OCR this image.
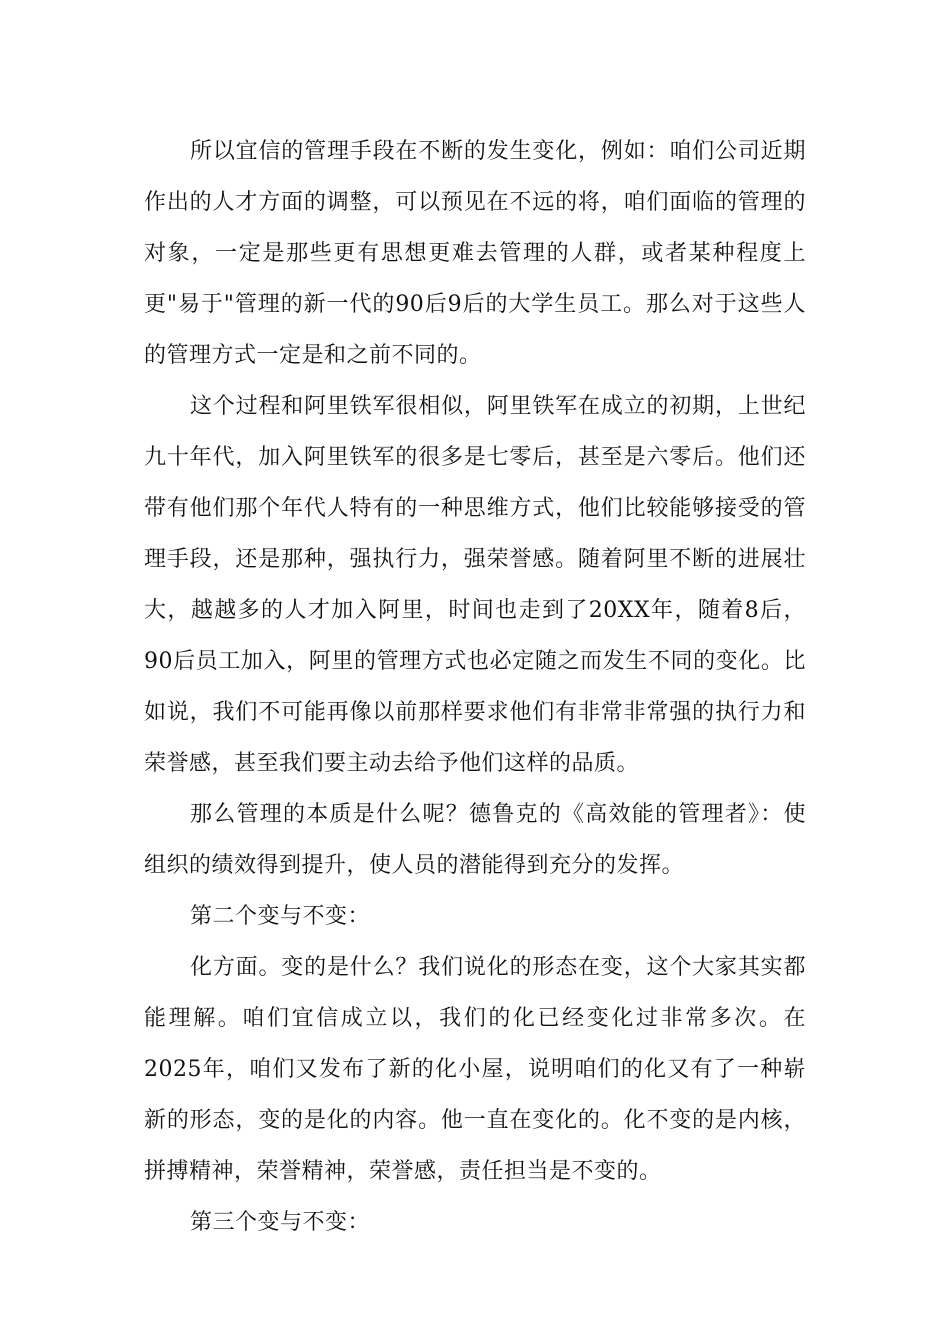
所以宜信的管理手段在不断的发生变化，例如：咱们公司近期作出的人才方面的调整，可以预见在不远的将，咱们面临的管理的对象，一定是那些更有思想更难去管理的人群，或者某种程度上更"易于"管理的新一代的90后9后的大学生员工。那么对于这些人的管理方式一定是和之前不同的。

这个过程和阿里铁军很相似，阿里铁军在成立的初期，上世纪九十年代，加入阿里铁军的很多是七零后，甚至是六零后。他们还带有他们那个年代人特有的一种思维方式，他们比较能够接受的管理手段，还是那种，强执行力，强荣誉感。随着阿里不断的进展壮大，越越多的人才加入阿里，时间也走到了20XX年，随着8后，90后员工加入，阿里的管理方式也必定随之而发生不同的变化。比如说，我们不可能再像以前那样要求他们有非常非常强的执行力和荣誉感，甚至我们要主动去给予他们这样的品质。

那么管理的本质是什么呢？德鲁克的《高效能的管理者》：使组织的绩效得到提升，使人员的潜能得到充分的发挥。

第二个变与不变：

化方面。变的是什么？我们说化的形态在变，这个大家其实都能理解。咱们宜信成立以，我们的化已经变化过非常多次。在2025年，咱们又发布了新的化小屋，说明咱们的化又有了一种崭新的形态，变的是化的内容。他一直在变化的。化不变的是内核，拼搏精神，荣誉精神，荣誉感，责任担当是不变的。

第三个变与不变：
